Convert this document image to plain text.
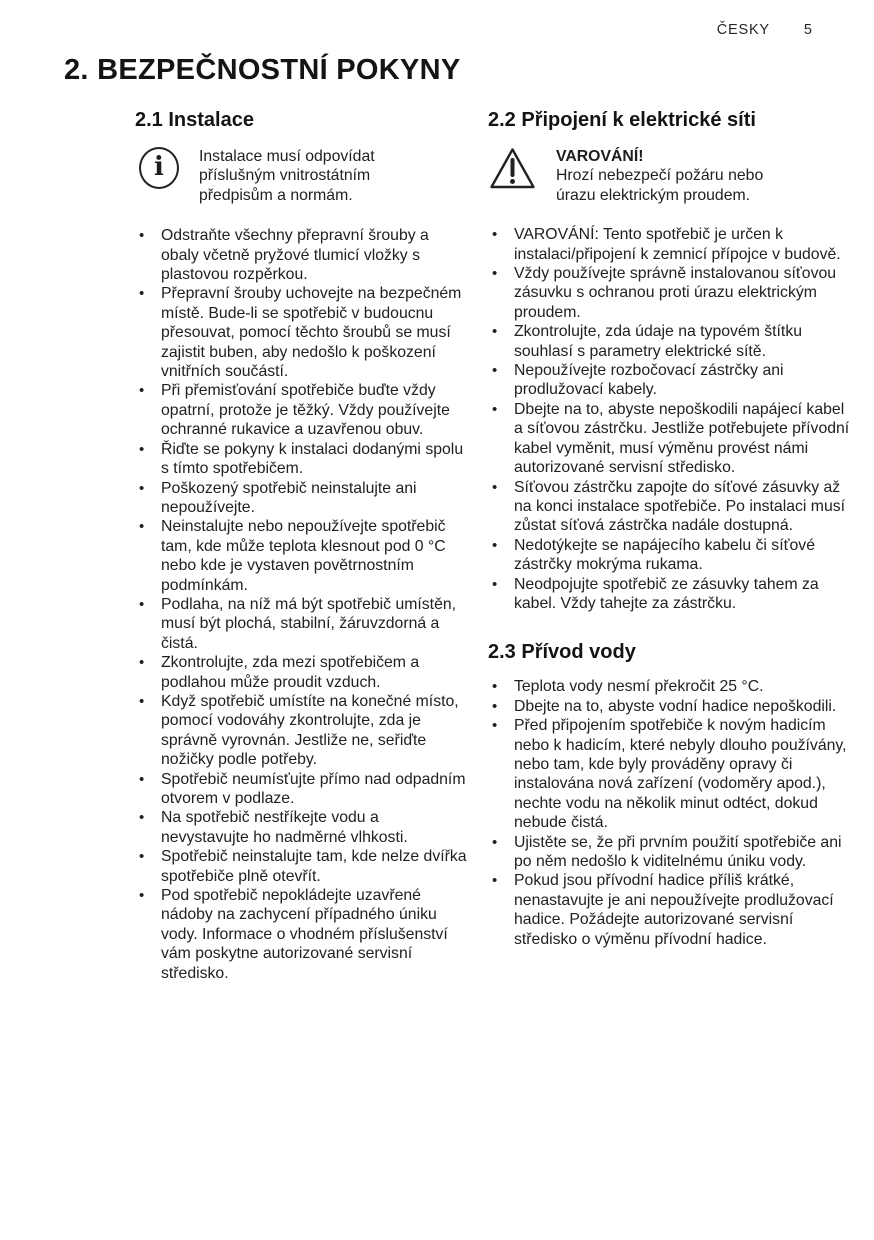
ČESKY 5
2. BEZPEČNOSTNÍ POKYNY
2.1 Instalace
i	Instalace musí odpovídat příslušným vnitrostátním předpisům a normám.

• Odstraňte všechny přepravní šrouby a obaly včetně pryžové tlumicí vložky s plastovou rozpěrkou.
• Přepravní šrouby uchovejte na bezpečném místě. Bude-li se spotřebič v budoucnu přesouvat, pomocí těchto šroubů se musí zajistit buben, aby nedošlo k poškození vnitřních součástí.
• Při přemisťování spotřebiče buďte vždy opatrní, protože je těžký. Vždy používejte ochranné rukavice a uzavřenou obuv.
• Řiďte se pokyny k instalaci dodanými spolu s tímto spotřebičem.
• Poškozený spotřebič neinstalujte ani nepoužívejte.
• Neinstalujte nebo nepoužívejte spotřebič tam, kde může teplota klesnout pod 0 °C nebo kde je vystaven povětrnostním podmínkám.
• Podlaha, na níž má být spotřebič umístěn, musí být plochá, stabilní, žáruvzdorná a čistá.
• Zkontrolujte, zda mezi spotřebičem a podlahou může proudit vzduch.
• Když spotřebič umístíte na konečné místo, pomocí vodováhy zkontrolujte, zda je správně vyrovnán. Jestliže ne, seřiďte nožičky podle potřeby.
• Spotřebič neumísťujte přímo nad odpadním otvorem v podlaze.
• Na spotřebič nestříkejte vodu a nevystavujte ho nadměrné vlhkosti.
• Spotřebič neinstalujte tam, kde nelze dvířka spotřebiče plně otevřít.
• Pod spotřebič nepokládejte uzavřené nádoby na zachycení případného úniku vody. Informace o vhodném příslušenství vám poskytne autorizované servisní středisko.
2.2 Připojení k elektrické síti

VAROVÁNÍ!

Hrozí nebezpečí požáru nebo úrazu elektrickým proudem.

• VAROVÁNÍ: Tento spotřebič je určen k instalaci/připojení k zemnicí přípojce v budově.
• Vždy používejte správně instalovanou síťovou zásuvku s ochranou proti úrazu elektrickým proudem.
• Zkontrolujte, zda údaje na typovém štítku souhlasí s parametry elektrické sítě.
• Nepoužívejte rozbočovací zástrčky ani prodlužovací kabely.
• Dbejte na to, abyste nepoškodili napájecí kabel a síťovou zástrčku. Jestliže potřebujete přívodní kabel vyměnit, musí výměnu provést námi autorizované servisní středisko.
• Síťovou zástrčku zapojte do síťové zásuvky až na konci instalace spotřebiče. Po instalaci musí zůstat síťová zástrčka nadále dostupná.
• Nedotýkejte se napájecího kabelu či síťové zástrčky mokrýma rukama.
• Neodpojujte spotřebič ze zásuvky tahem za kabel. Vždy tahejte za zástrčku.
2.3 Přívod vody
• Teplota vody nesmí překročit 25 °C.
• Dbejte na to, abyste vodní hadice nepoškodili.
• Před připojením spotřebiče k novým hadicím nebo k hadicím, které nebyly dlouho používány, nebo tam, kde byly prováděny opravy či instalována nová zařízení (vodoměry apod.), nechte vodu na několik minut odtéct, dokud nebude čistá.
• Ujistěte se, že při prvním použití spotřebiče ani po něm nedošlo k viditelnému úniku vody.
• Pokud jsou přívodní hadice příliš krátké, nenastavujte je ani nepoužívejte prodlužovací hadice. Požádejte autorizované servisní středisko o výměnu přívodní hadice.
